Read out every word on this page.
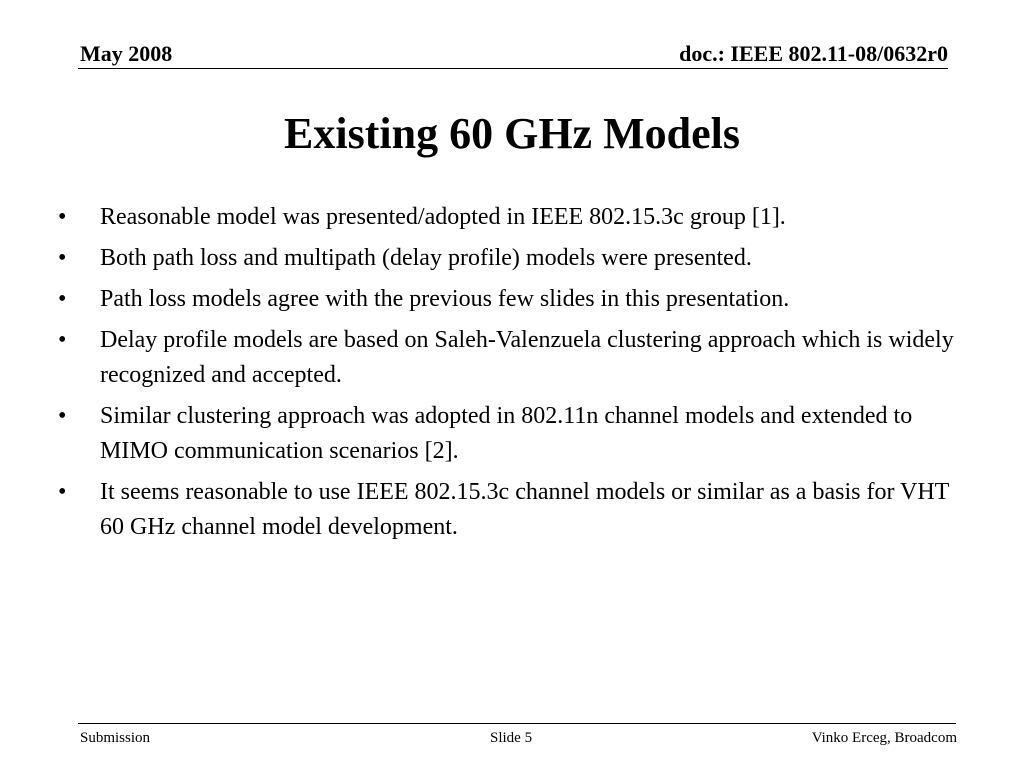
May 2008	doc.: IEEE 802.11-08/0632r0
Existing 60 GHz Models
•	Reasonable model was presented/adopted in IEEE 802.15.3c group [1].
•	Both path loss and multipath (delay profile) models were presented.
•	Path loss models agree with the previous few slides in this presentation.
•	Delay profile models are based on Saleh-Valenzuela clustering approach which is widely recognized and accepted.
•	Similar clustering approach was adopted in 802.11n channel models and extended to MIMO communication scenarios [2].
•	It seems reasonable to use IEEE 802.15.3c channel models or similar as a basis for VHT 60 GHz channel model development.
Submission	Slide 5	Vinko Erceg, Broadcom
